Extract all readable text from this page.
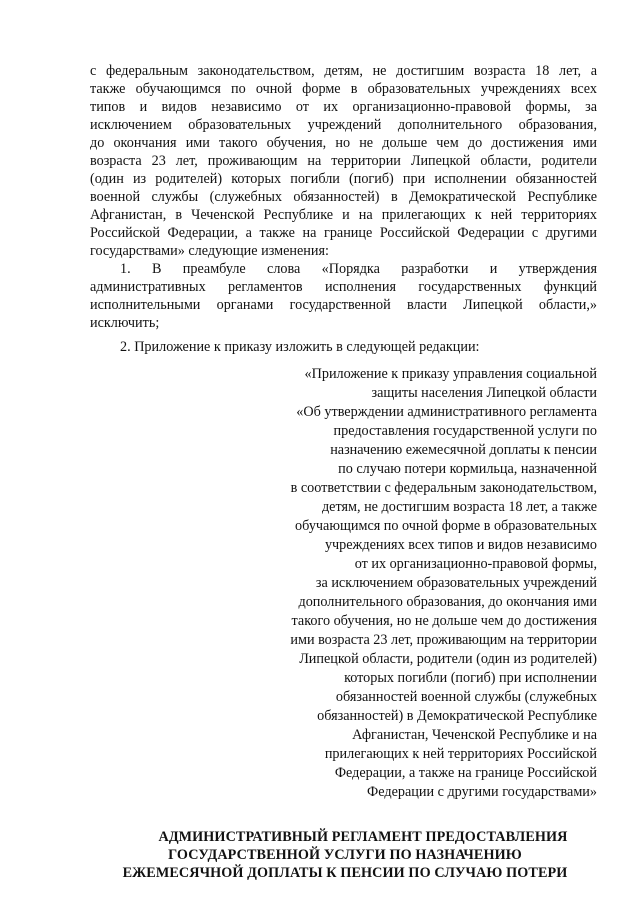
с федеральным законодательством, детям, не достигшим возраста 18 лет, а
также обучающимся по очной форме в образовательных учреждениях всех
типов и видов независимо от их организационно-правовой формы, за
исключением образовательных учреждений дополнительного образования,
до окончания ими такого обучения, но не дольше чем до достижения ими
возраста 23 лет, проживающим на территории Липецкой области, родители
(один из родителей) которых погибли (погиб) при исполнении обязанностей
военной службы (служебных обязанностей) в Демократической Республике
Афганистан, в Чеченской Республике и на прилегающих к ней территориях
Российской Федерации, а также на границе Российской Федерации с другими
государствами» следующие изменения:
1. В преамбуле слова «Порядка разработки и утверждения
административных регламентов исполнения государственных функций
исполнительными органами государственной власти Липецкой области,»
исключить;
2. Приложение к приказу изложить в следующей редакции:
«Приложение к приказу управления социальной
защиты населения Липецкой области
«Об утверждении административного регламента
предоставления государственной услуги по
назначению ежемесячной доплаты к пенсии
по случаю потери кормильца, назначенной
в соответствии с федеральным законодательством,
детям, не достигшим возраста 18 лет, а также
обучающимся по очной форме в образовательных
учреждениях всех типов и видов независимо
от их организационно-правовой формы,
за исключением образовательных учреждений
дополнительного образования, до окончания ими
такого обучения, но не дольше чем до достижения
ими возраста 23 лет, проживающим на территории
Липецкой области, родители (один из родителей)
которых погибли (погиб) при исполнении
обязанностей военной службы (служебных
обязанностей) в Демократической Республике
Афганистан, Чеченской Республике и на
прилегающих к ней территориях Российской
Федерации, а также на границе Российской
Федерации с другими государствами»
АДМИНИСТРАТИВНЫЙ РЕГЛАМЕНТ ПРЕДОСТАВЛЕНИЯ
ГОСУДАРСТВЕННОЙ УСЛУГИ ПО НАЗНАЧЕНИЮ
ЕЖЕМЕСЯЧНОЙ ДОПЛАТЫ К ПЕНСИИ ПО СЛУЧАЮ ПОТЕРИ
